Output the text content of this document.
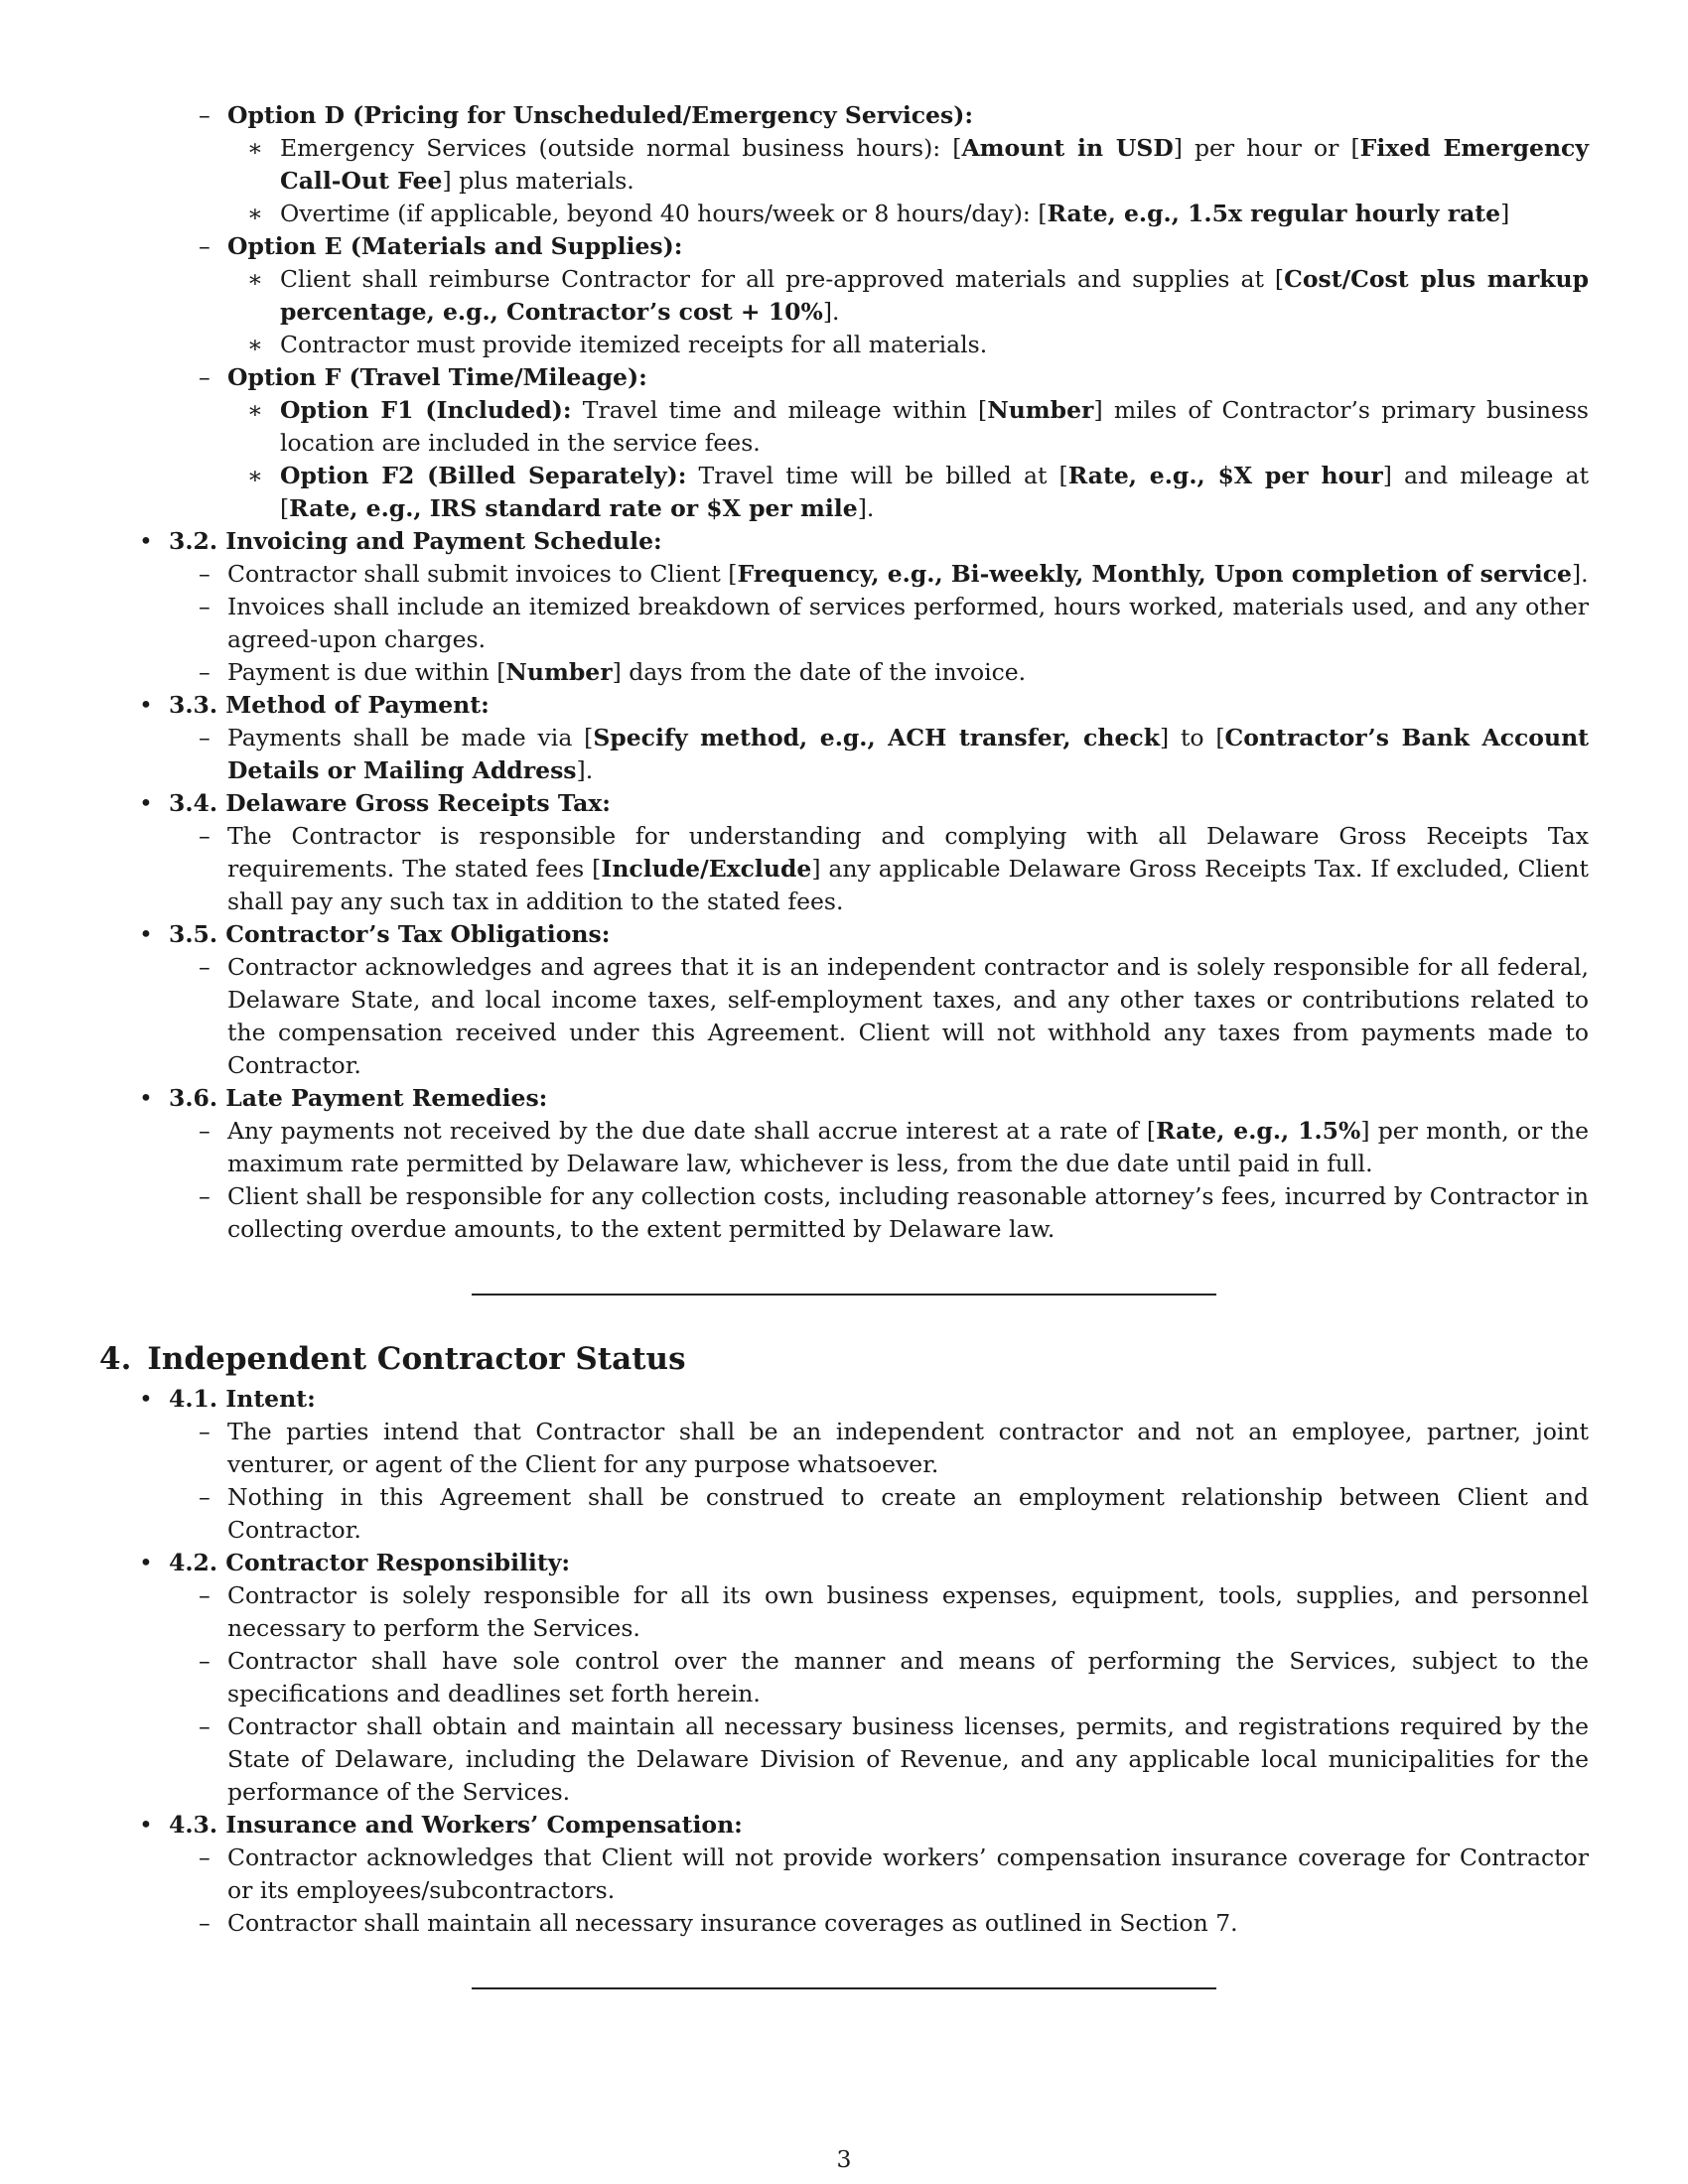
– Option D (Pricing for Unscheduled/Emergency Services):
∗ Emergency Services (outside normal business hours): [Amount in USD] per hour or [Fixed Emergency Call-Out Fee] plus materials.
∗ Overtime (if applicable, beyond 40 hours/week or 8 hours/day): [Rate, e.g., 1.5x regular hourly rate]
– Option E (Materials and Supplies):
∗ Client shall reimburse Contractor for all pre-approved materials and supplies at [Cost/Cost plus markup percentage, e.g., Contractor’s cost + 10%].
∗ Contractor must provide itemized receipts for all materials.
– Option F (Travel Time/Mileage):
∗ Option F1 (Included): Travel time and mileage within [Number] miles of Contractor’s primary business location are included in the service fees.
∗ Option F2 (Billed Separately): Travel time will be billed at [Rate, e.g., $X per hour] and mileage at [Rate, e.g., IRS standard rate or $X per mile].
• 3.2. Invoicing and Payment Schedule:
– Contractor shall submit invoices to Client [Frequency, e.g., Bi-weekly, Monthly, Upon completion of service].
– Invoices shall include an itemized breakdown of services performed, hours worked, materials used, and any other agreed-upon charges.
– Payment is due within [Number] days from the date of the invoice.
• 3.3. Method of Payment:
– Payments shall be made via [Specify method, e.g., ACH transfer, check] to [Contractor’s Bank Account Details or Mailing Address].
• 3.4. Delaware Gross Receipts Tax:
– The Contractor is responsible for understanding and complying with all Delaware Gross Receipts Tax requirements. The stated fees [Include/Exclude] any applicable Delaware Gross Receipts Tax. If excluded, Client shall pay any such tax in addition to the stated fees.
• 3.5. Contractor’s Tax Obligations:
– Contractor acknowledges and agrees that it is an independent contractor and is solely responsible for all federal, Delaware State, and local income taxes, self-employment taxes, and any other taxes or contributions related to the compensation received under this Agreement. Client will not withhold any taxes from payments made to Contractor.
• 3.6. Late Payment Remedies:
– Any payments not received by the due date shall accrue interest at a rate of [Rate, e.g., 1.5%] per month, or the maximum rate permitted by Delaware law, whichever is less, from the due date until paid in full.
– Client shall be responsible for any collection costs, including reasonable attorney’s fees, incurred by Contractor in collecting overdue amounts, to the extent permitted by Delaware law.
4. Independent Contractor Status
• 4.1. Intent:
– The parties intend that Contractor shall be an independent contractor and not an employee, partner, joint venturer, or agent of the Client for any purpose whatsoever.
– Nothing in this Agreement shall be construed to create an employment relationship between Client and Contractor.
• 4.2. Contractor Responsibility:
– Contractor is solely responsible for all its own business expenses, equipment, tools, supplies, and personnel necessary to perform the Services.
– Contractor shall have sole control over the manner and means of performing the Services, subject to the specifications and deadlines set forth herein.
– Contractor shall obtain and maintain all necessary business licenses, permits, and registrations required by the State of Delaware, including the Delaware Division of Revenue, and any applicable local municipalities for the performance of the Services.
• 4.3. Insurance and Workers’ Compensation:
– Contractor acknowledges that Client will not provide workers’ compensation insurance coverage for Contractor or its employees/subcontractors.
– Contractor shall maintain all necessary insurance coverages as outlined in Section 7.
3
